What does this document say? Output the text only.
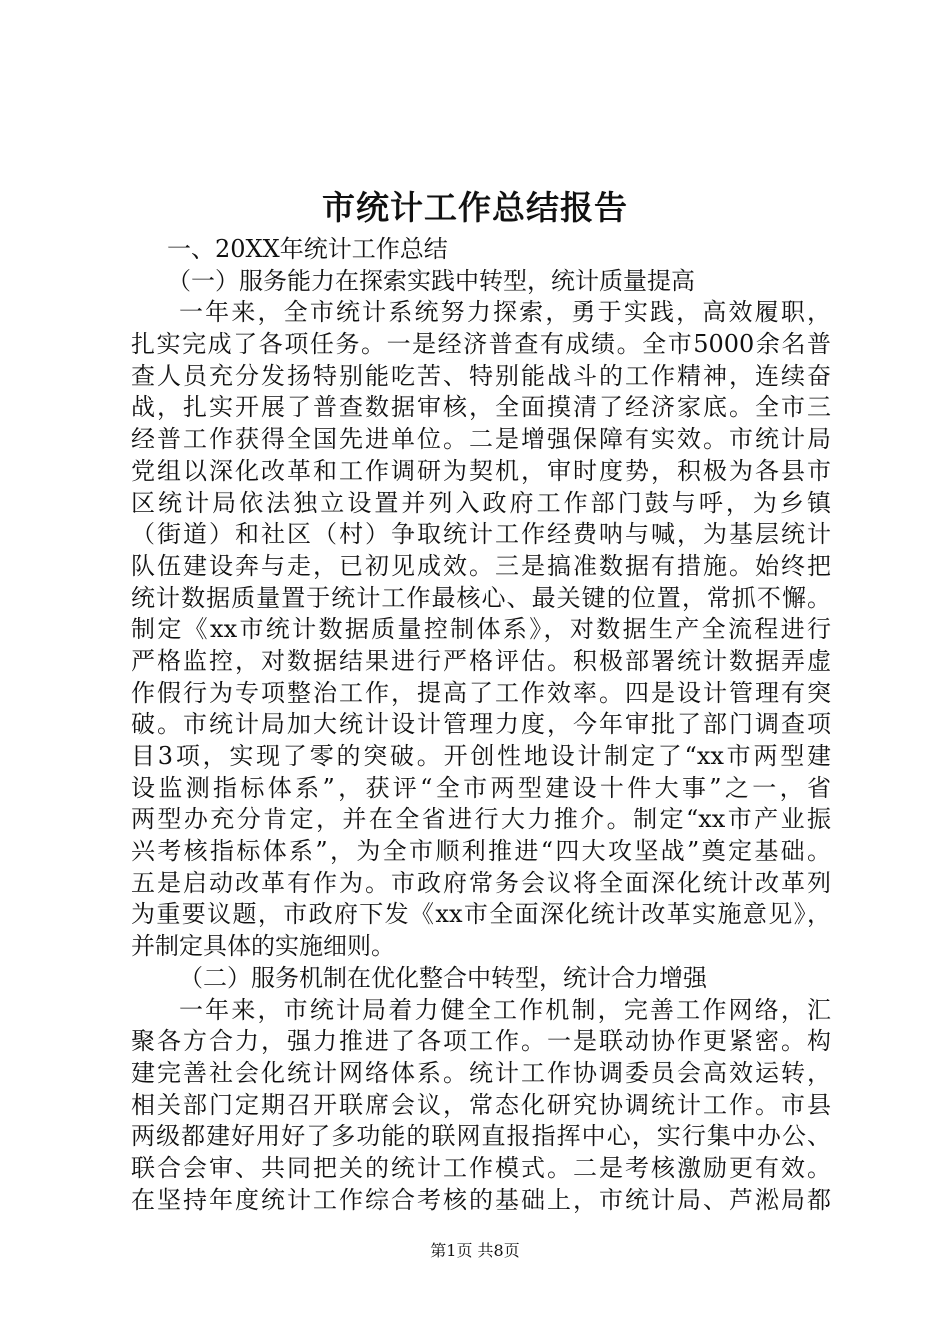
市统计工作总结报告

一、20XX年统计工作总结

（一）服务能力在探索实践中转型，统计质量提高

一年来，全市统计系统努力探索，勇于实践，高效履职，

扎实完成了各项任务。一是经济普查有成绩。全市5000余名普

查人员充分发扬特别能吃苦、特别能战斗的工作精神，连续奋

战，扎实开展了普查数据审核，全面摸清了经济家底。全市三

经普工作获得全国先进单位。二是增强保障有实效。市统计局

党组以深化改革和工作调研为契机，审时度势，积极为各县市

区统计局依法独立设置并列入政府工作部门鼓与呼，为乡镇

（街道）和社区（村）争取统计工作经费呐与喊，为基层统计

队伍建设奔与走，已初见成效。三是搞准数据有措施。始终把

统计数据质量置于统计工作最核心、最关键的位置，常抓不懈。

制定《xx市统计数据质量控制体系》，对数据生产全流程进行

严格监控，对数据结果进行严格评估。积极部署统计数据弄虚

作假行为专项整治工作，提高了工作效率。四是设计管理有突

破。市统计局加大统计设计管理力度，今年审批了部门调查项

目3项，实现了零的突破。开创性地设计制定了“xx市两型建

设监测指标体系”，获评“全市两型建设十件大事”之一，省

两型办充分肯定，并在全省进行大力推介。制定“xx市产业振

兴考核指标体系”，为全市顺利推进“四大攻坚战”奠定基础。

五是启动改革有作为。市政府常务会议将全面深化统计改革列

为重要议题，市政府下发《xx市全面深化统计改革实施意见》，

并制定具体的实施细则。

（二）服务机制在优化整合中转型，统计合力增强

一年来，市统计局着力健全工作机制，完善工作网络，汇

聚各方合力，强力推进了各项工作。一是联动协作更紧密。构

建完善社会化统计网络体系。统计工作协调委员会高效运转，

相关部门定期召开联席会议，常态化研究协调统计工作。市县

两级都建好用好了多功能的联网直报指挥中心，实行集中办公、

联合会审、共同把关的统计工作模式。二是考核激励更有效。

在坚持年度统计工作综合考核的基础上，市统计局、芦淞局都

第1页 共8页
